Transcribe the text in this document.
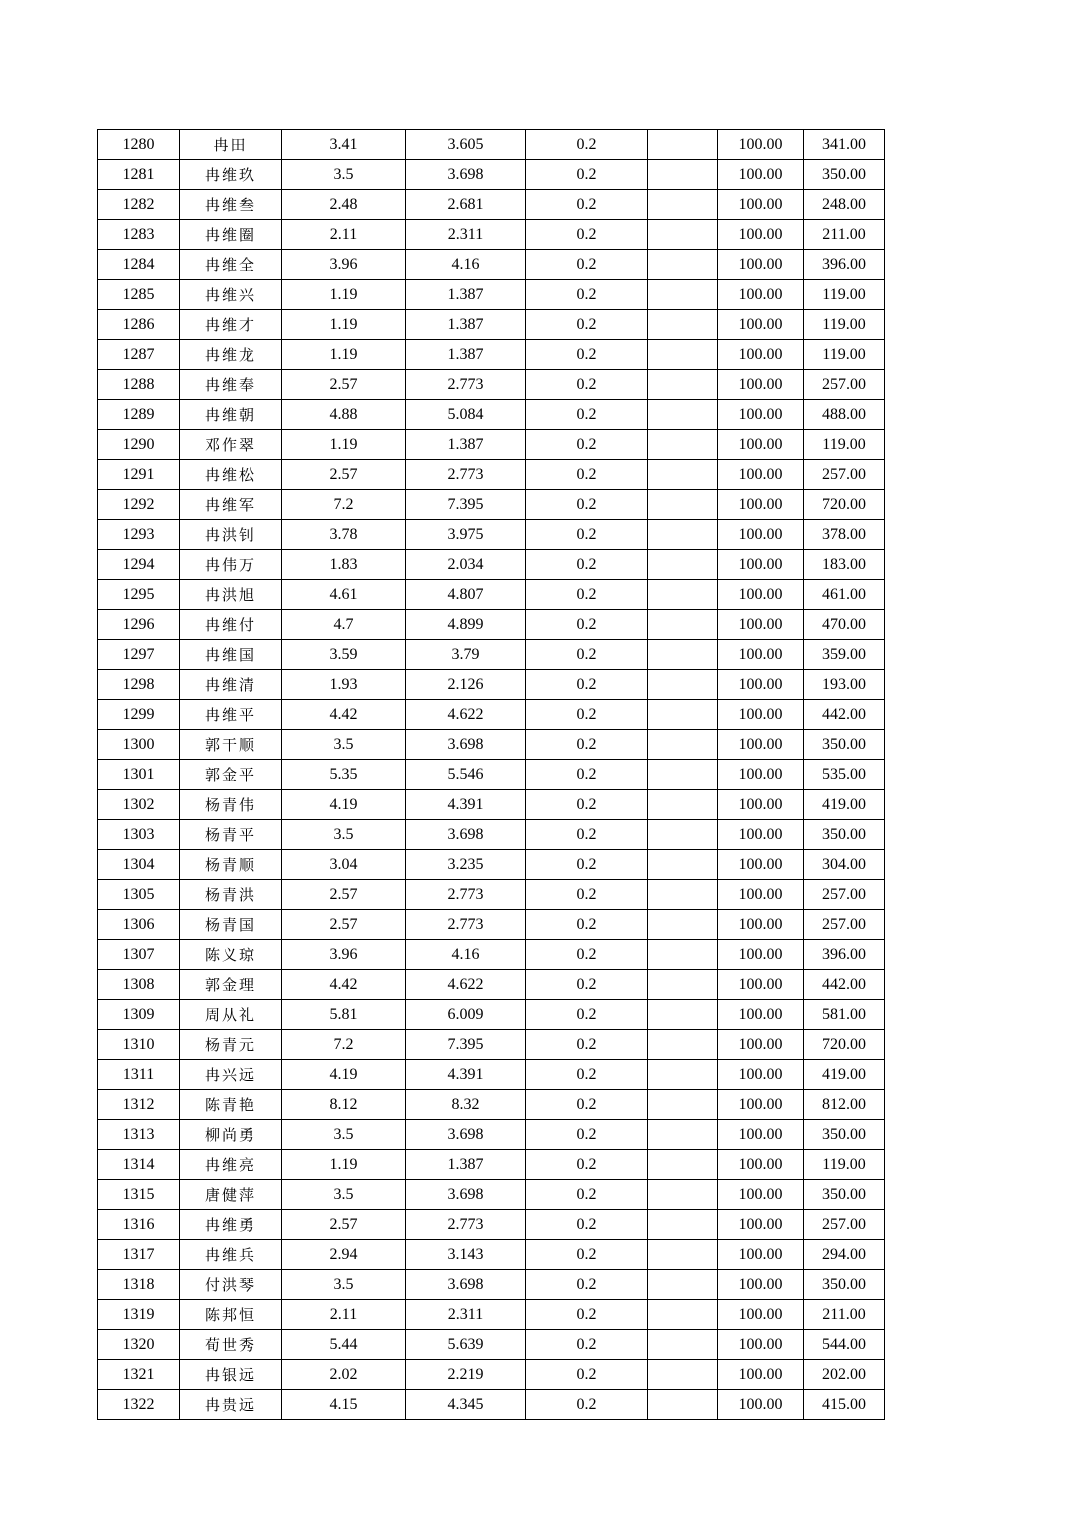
1280	冉田	3.41	3.605	0.2		100.00	341.00
1281	冉维玖	3.5	3.698	0.2		100.00	350.00
1282	冉维叁	2.48	2.681	0.2		100.00	248.00
1283	冉维圈	2.11	2.311	0.2		100.00	211.00
1284	冉维全	3.96	4.16	0.2		100.00	396.00
1285	冉维兴	1.19	1.387	0.2		100.00	119.00
1286	冉维才	1.19	1.387	0.2		100.00	119.00
1287	冉维龙	1.19	1.387	0.2		100.00	119.00
1288	冉维奉	2.57	2.773	0.2		100.00	257.00
1289	冉维朝	4.88	5.084	0.2		100.00	488.00
1290	邓作翠	1.19	1.387	0.2		100.00	119.00
1291	冉维松	2.57	2.773	0.2		100.00	257.00
1292	冉维军	7.2	7.395	0.2		100.00	720.00
1293	冉洪钊	3.78	3.975	0.2		100.00	378.00
1294	冉伟万	1.83	2.034	0.2		100.00	183.00
1295	冉洪旭	4.61	4.807	0.2		100.00	461.00
1296	冉维付	4.7	4.899	0.2		100.00	470.00
1297	冉维国	3.59	3.79	0.2		100.00	359.00
1298	冉维清	1.93	2.126	0.2		100.00	193.00
1299	冉维平	4.42	4.622	0.2		100.00	442.00
1300	郭干顺	3.5	3.698	0.2		100.00	350.00
1301	郭金平	5.35	5.546	0.2		100.00	535.00
1302	杨青伟	4.19	4.391	0.2		100.00	419.00
1303	杨青平	3.5	3.698	0.2		100.00	350.00
1304	杨青顺	3.04	3.235	0.2		100.00	304.00
1305	杨青洪	2.57	2.773	0.2		100.00	257.00
1306	杨青国	2.57	2.773	0.2		100.00	257.00
1307	陈义琼	3.96	4.16	0.2		100.00	396.00
1308	郭金理	4.42	4.622	0.2		100.00	442.00
1309	周从礼	5.81	6.009	0.2		100.00	581.00
1310	杨青元	7.2	7.395	0.2		100.00	720.00
1311	冉兴远	4.19	4.391	0.2		100.00	419.00
1312	陈青艳	8.12	8.32	0.2		100.00	812.00
1313	柳尚勇	3.5	3.698	0.2		100.00	350.00
1314	冉维亮	1.19	1.387	0.2		100.00	119.00
1315	唐健萍	3.5	3.698	0.2		100.00	350.00
1316	冉维勇	2.57	2.773	0.2		100.00	257.00
1317	冉维兵	2.94	3.143	0.2		100.00	294.00
1318	付洪琴	3.5	3.698	0.2		100.00	350.00
1319	陈邦恒	2.11	2.311	0.2		100.00	211.00
1320	荀世秀	5.44	5.639	0.2		100.00	544.00
1321	冉银远	2.02	2.219	0.2		100.00	202.00
1322	冉贵远	4.15	4.345	0.2		100.00	415.00
